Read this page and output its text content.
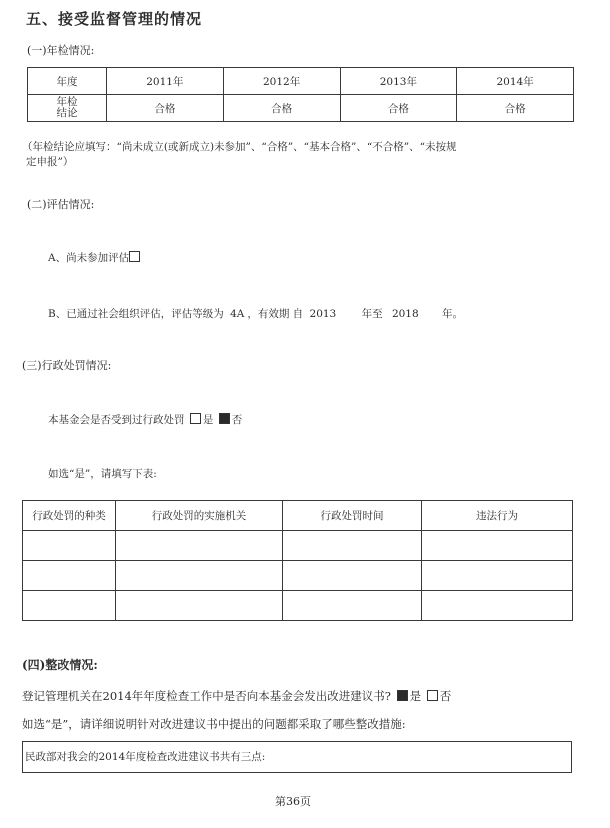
五、接受监督管理的情况
(一)年检情况:
年度	2011年	2012年	2013年	2014年

年检
结论	合格	合格	合格	合格
（年检结论应填写：“尚未成立(或新成立)未参加”、“合格”、“基本合格”、“不合格”、“未按规
定申报”）
(二)评估情况:
A、尚未参加评估
B、已通过社会组织评估，评估等级为 4A ，有效期 自 2013 年至 2018 年。
(三)行政处罚情况:
本基金会是否受到过行政处罚 是 否
如选“是”，请填写下表:
行政处罚的种类	行政处罚的实施机关	行政处罚时间	违法行为

(四)整改情况:
登记管理机关在2014年年度检查工作中是否向本基金会发出改进建议书? 是 否
如选“是”，请详细说明针对改进建议书中提出的问题都采取了哪些整改措施:
民政部对我会的2014年度检查改进建议书共有三点:
第36页
